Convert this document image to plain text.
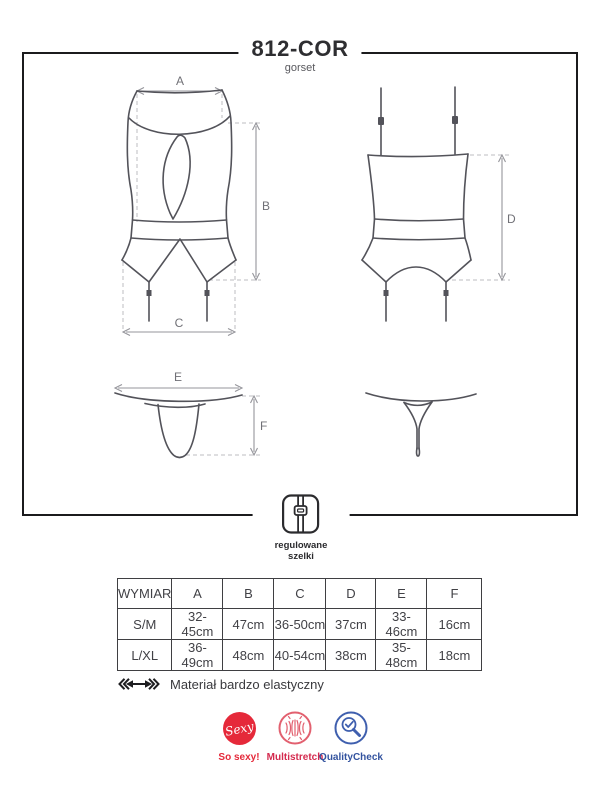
812-COR
gorset
A
B
C
D
E
F
regulowane
szelki
WYMIAR	A	B	C	D	E	F
S/M	32-45cm	47cm	36-50cm	37cm	33-46cm	16cm
L/XL	36-49cm	48cm	40-54cm	38cm	35-48cm	18cm
Materiał bardzo elastyczny
Sexy
So sexy! Multistretch
QualityCheck
